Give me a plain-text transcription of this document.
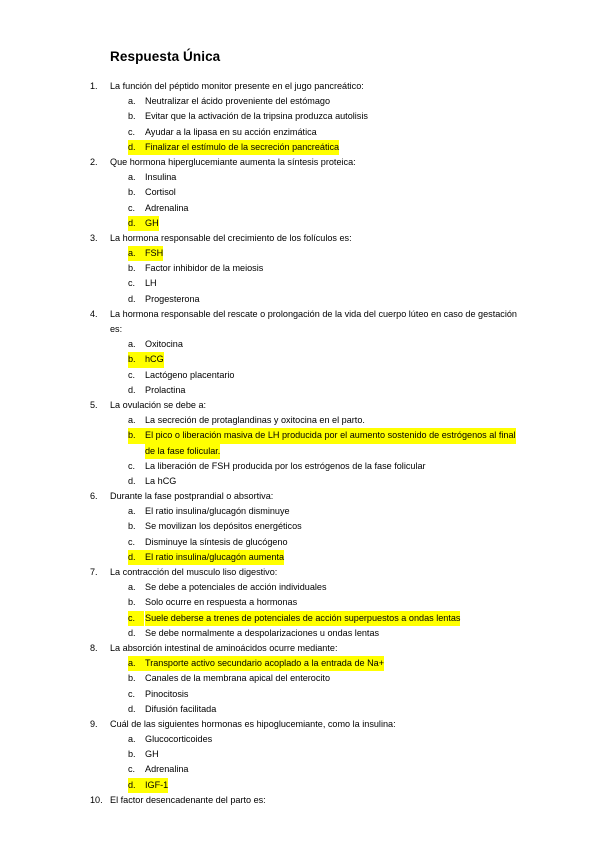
Respuesta Única
1.	La función del péptido monitor presente en el jugo pancreático:
a.	Neutralizar el ácido proveniente del estómago
b.	Evitar que la activación de la tripsina produzca autolisis
c.	Ayudar a la lipasa en su acción enzimática
d.	Finalizar el estímulo de la secreción pancreática
2.	Que hormona hiperglucemiante aumenta la síntesis proteica:
a.	Insulina
b.	Cortisol
c.	Adrenalina
d.	GH
3.	La hormona responsable del crecimiento de los folículos es:
a.	FSH
b.	Factor inhibidor de la meiosis
c.	LH
d.	Progesterona
4.	La hormona responsable del rescate o prolongación de la vida del cuerpo lúteo en caso de gestación
es:
a.	Oxitocina
b.	hCG
c.	Lactógeno placentario
d.	Prolactina
5.	La ovulación se debe a:
a.	La secreción de protaglandinas y oxitocina en el parto.
b.	El pico o liberación masiva de LH producida por el aumento sostenido de estrógenos al final
de la fase folicular.
c.	La liberación de FSH producida por los estrógenos de la fase folicular
d.	La hCG
6.	Durante la fase postprandial o absortiva:
a.	El ratio insulina/glucagón disminuye
b.	Se movilizan los depósitos energéticos
c.	Disminuye la síntesis de glucógeno
d.	El ratio insulina/glucagón aumenta
7.	La contracción del musculo liso digestivo:
a.	Se debe a potenciales de acción individuales
b.	Solo ocurre en respuesta a hormonas
c.	Suele deberse a trenes de potenciales de acción superpuestos a ondas lentas
d.	Se debe normalmente a despolarizaciones u ondas lentas
8.	La absorción intestinal de aminoácidos ocurre mediante:
a.	Transporte activo secundario acoplado a la entrada de Na+
b.	Canales de la membrana apical del enterocito
c.	Pinocitosis
d.	Difusión facilitada
9.	Cuál de las siguientes hormonas es hipoglucemiante, como la insulina:
a.	Glucocorticoides
b.	GH
c.	Adrenalina
d.	IGF-1
10. El factor desencadenante del parto es:
